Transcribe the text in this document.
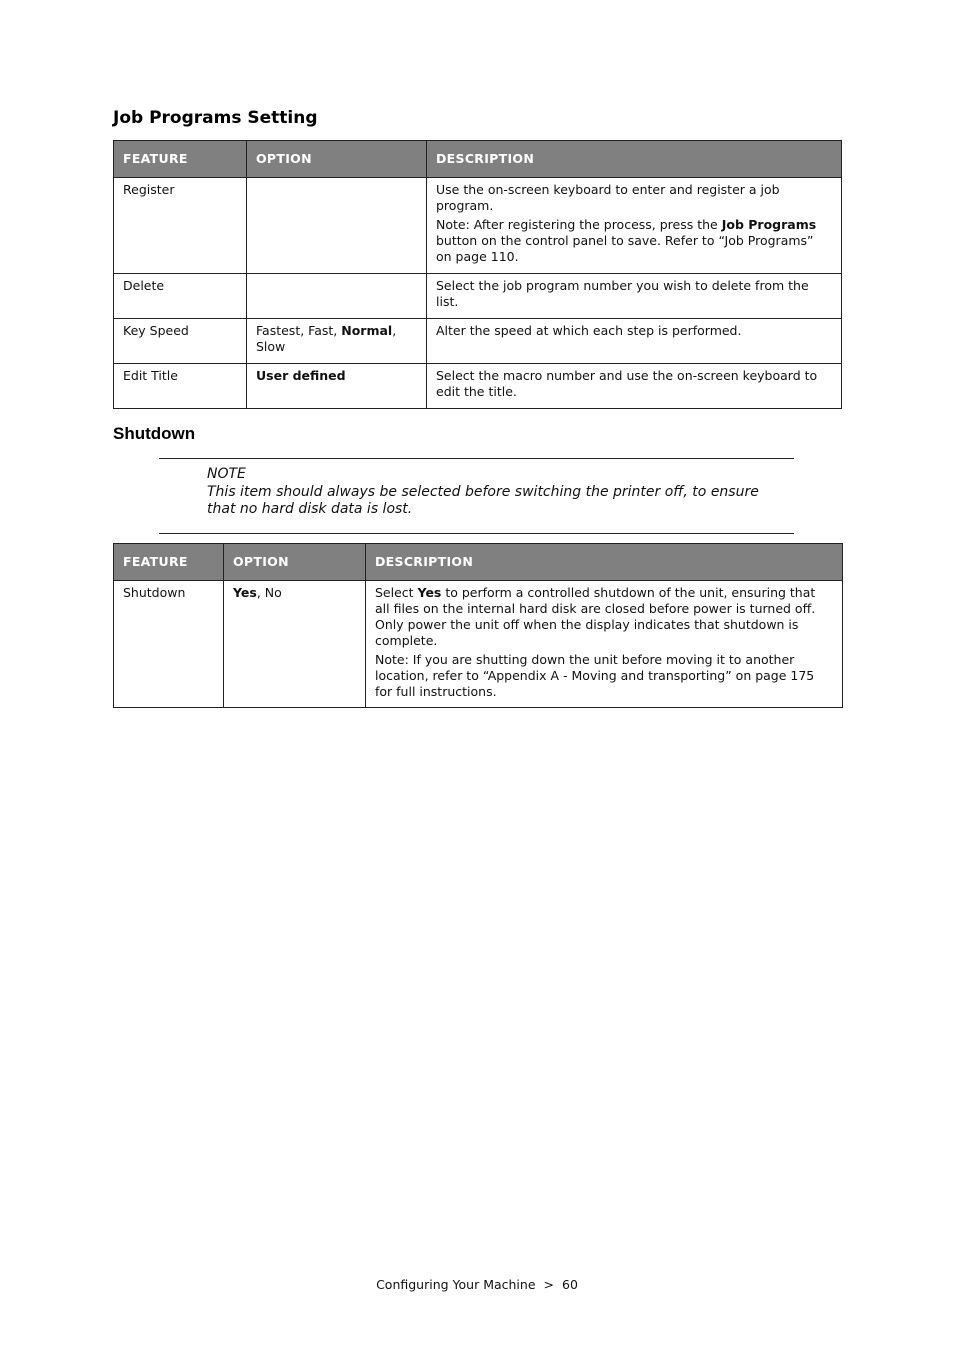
Job Programs Setting
FEATURE	OPTION	DESCRIPTION
Register		Use the on-screen keyboard to enter and register a job program.

Note: After registering the process, press the Job Programs button on the control panel to save. Refer to “Job Programs” on page 110.

Delete		Select the job program number you wish to delete from the list.

Key Speed	Fastest, Fast, Normal, Slow	Alter the speed at which each step is performed.

Edit Title	User defined	Select the macro number and use the on-screen keyboard to edit the title.

Shutdown
NOTE
This item should always be selected before switching the printer off, to ensure that no hard disk data is lost.
FEATURE	OPTION	DESCRIPTION
Shutdown	Yes, No	Select Yes to perform a controlled shutdown of the unit, ensuring that all files on the internal hard disk are closed before power is turned off. Only power the unit off when the display indicates that shutdown is complete.

Note: If you are shutting down the unit before moving it to another location, refer to “Appendix A - Moving and transporting” on page 175 for full instructions.

Configuring Your Machine > 60
